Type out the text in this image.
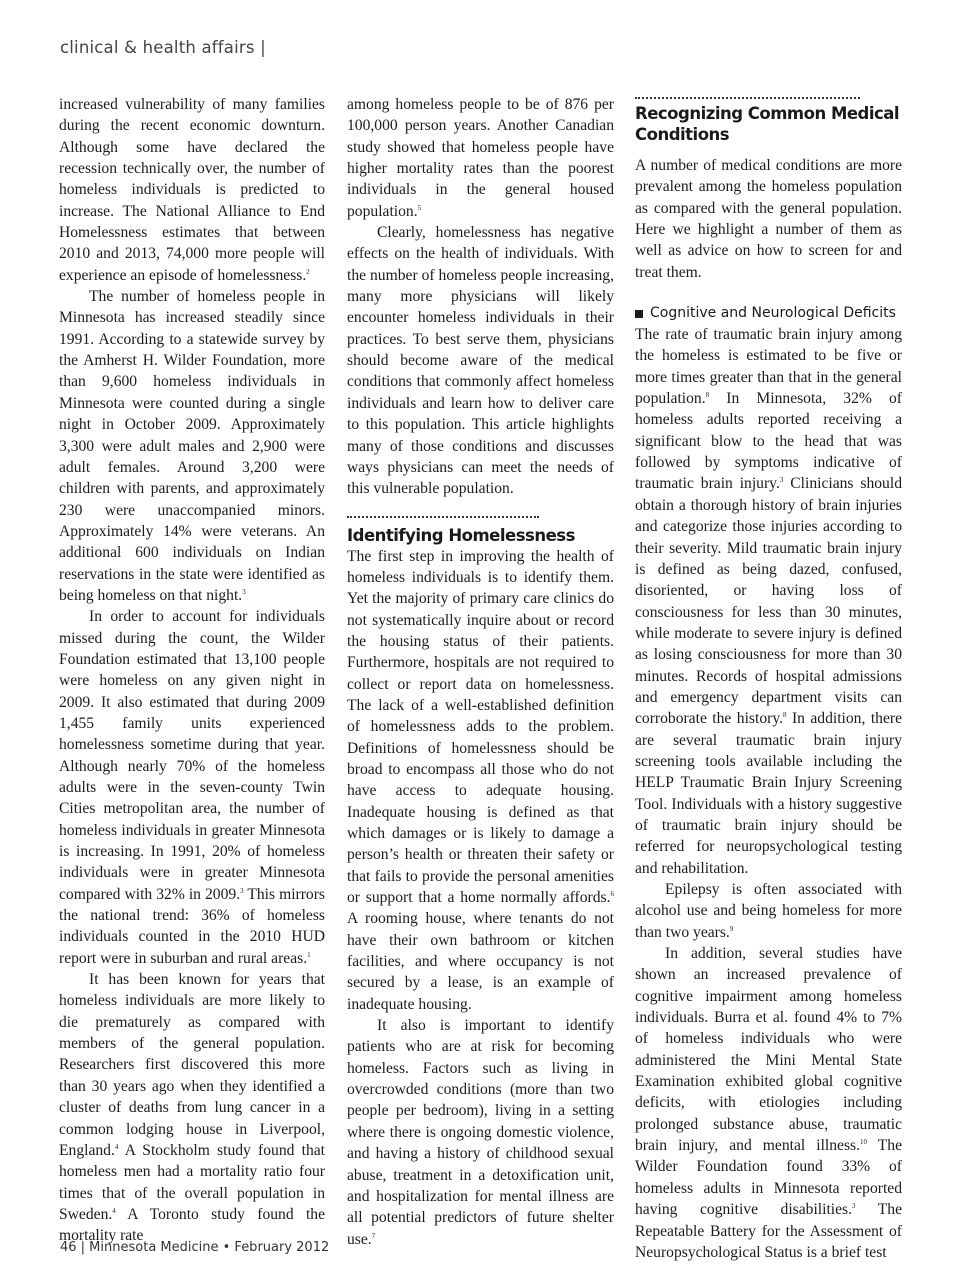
clinical & health affairs |

increased vulnerability of many families during the recent economic downturn. Although some have declared the recession technically over, the number of homeless individuals is predicted to increase. The National Alliance to End Homelessness estimates that between 2010 and 2013, 74,000 more people will experience an episode of homelessness.$^2$

The number of homeless people in Minnesota has increased steadily since 1991. According to a statewide survey by the Amherst H. Wilder Foundation, more than 9,600 homeless individuals in Minnesota were counted during a single night in October 2009. Approximately 3,300 were adult males and 2,900 were adult females. Around 3,200 were children with parents, and approximately 230 were unaccompanied minors. Approximately 14% were veterans. An additional 600 individuals on Indian reservations in the state were identified as being homeless on that night.$^3$

In order to account for individuals missed during the count, the Wilder Foundation estimated that 13,100 people were homeless on any given night in 2009. It also estimated that during 2009 1,455 family units experienced homelessness sometime during that year. Although nearly 70% of the homeless adults were in the seven-county Twin Cities metropolitan area, the number of homeless individuals in greater Minnesota is increasing. In 1991, 20% of homeless individuals were in greater Minnesota compared with 32% in 2009.$^3$ This mirrors the national trend: 36% of homeless individuals counted in the 2010 HUD report were in suburban and rural areas.$^1$

It has been known for years that homeless individuals are more likely to die prematurely as compared with members of the general population. Researchers first discovered this more than 30 years ago when they identified a cluster of deaths from lung cancer in a common lodging house in Liverpool, England.$^4$ A Stockholm study found that homeless men had a mortality ratio four times that of the overall population in Sweden.$^4$ A Toronto study found the mortality rate

among homeless people to be of 876 per 100,000 person years. Another Canadian study showed that homeless people have higher mortality rates than the poorest individuals in the general housed population.$^5$

Clearly, homelessness has negative effects on the health of individuals. With the number of homeless people increasing, many more physicians will likely encounter homeless individuals in their practices. To best serve them, physicians should become aware of the medical conditions that commonly affect homeless individuals and learn how to deliver care to this population. This article highlights many of those conditions and discusses ways physicians can meet the needs of this vulnerable population.

Identifying Homelessness

The first step in improving the health of homeless individuals is to identify them. Yet the majority of primary care clinics do not systematically inquire about or record the housing status of their patients. Furthermore, hospitals are not required to collect or report data on homelessness. The lack of a well-established definition of homelessness adds to the problem. Definitions of homelessness should be broad to encompass all those who do not have access to adequate housing. Inadequate housing is defined as that which damages or is likely to damage a person’s health or threaten their safety or that fails to provide the personal amenities or support that a home normally affords.$^6$ A rooming house, where tenants do not have their own bathroom or kitchen facilities, and where occupancy is not secured by a lease, is an example of inadequate housing.

It also is important to identify patients who are at risk for becoming homeless. Factors such as living in overcrowded conditions (more than two people per bedroom), living in a setting where there is ongoing domestic violence, and having a history of childhood sexual abuse, treatment in a detoxification unit, and hospitalization for mental illness are all potential predictors of future shelter use.$^7$

Recognizing Common Medical Conditions

A number of medical conditions are more prevalent among the homeless population as compared with the general population. Here we highlight a number of them as well as advice on how to screen for and treat them.

Cognitive and Neurological Deficits

The rate of traumatic brain injury among the homeless is estimated to be five or more times greater than that in the general population.$^8$ In Minnesota, 32% of homeless adults reported receiving a significant blow to the head that was followed by symptoms indicative of traumatic brain injury.$^3$ Clinicians should obtain a thorough history of brain injuries and categorize those injuries according to their severity. Mild traumatic brain injury is defined as being dazed, confused, disoriented, or having loss of consciousness for less than 30 minutes, while moderate to severe injury is defined as losing consciousness for more than 30 minutes. Records of hospital admissions and emergency department visits can corroborate the history.$^8$ In addition, there are several traumatic brain injury screening tools available including the HELP Traumatic Brain Injury Screening Tool. Individuals with a history suggestive of traumatic brain injury should be referred for neuropsychological testing and rehabilitation.

Epilepsy is often associated with alcohol use and being homeless for more than two years.$^9$

In addition, several studies have shown an increased prevalence of cognitive impairment among homeless individuals. Burra et al. found 4% to 7% of homeless individuals who were administered the Mini Mental State Examination exhibited global cognitive deficits, with etiologies including prolonged substance abuse, traumatic brain injury, and mental illness.$^{10}$ The Wilder Foundation found 33% of homeless adults in Minnesota reported having cognitive disabilities.$^3$ The Repeatable Battery for the Assessment of Neuropsychological Status is a brief test

46 | Minnesota Medicine • February 2012
